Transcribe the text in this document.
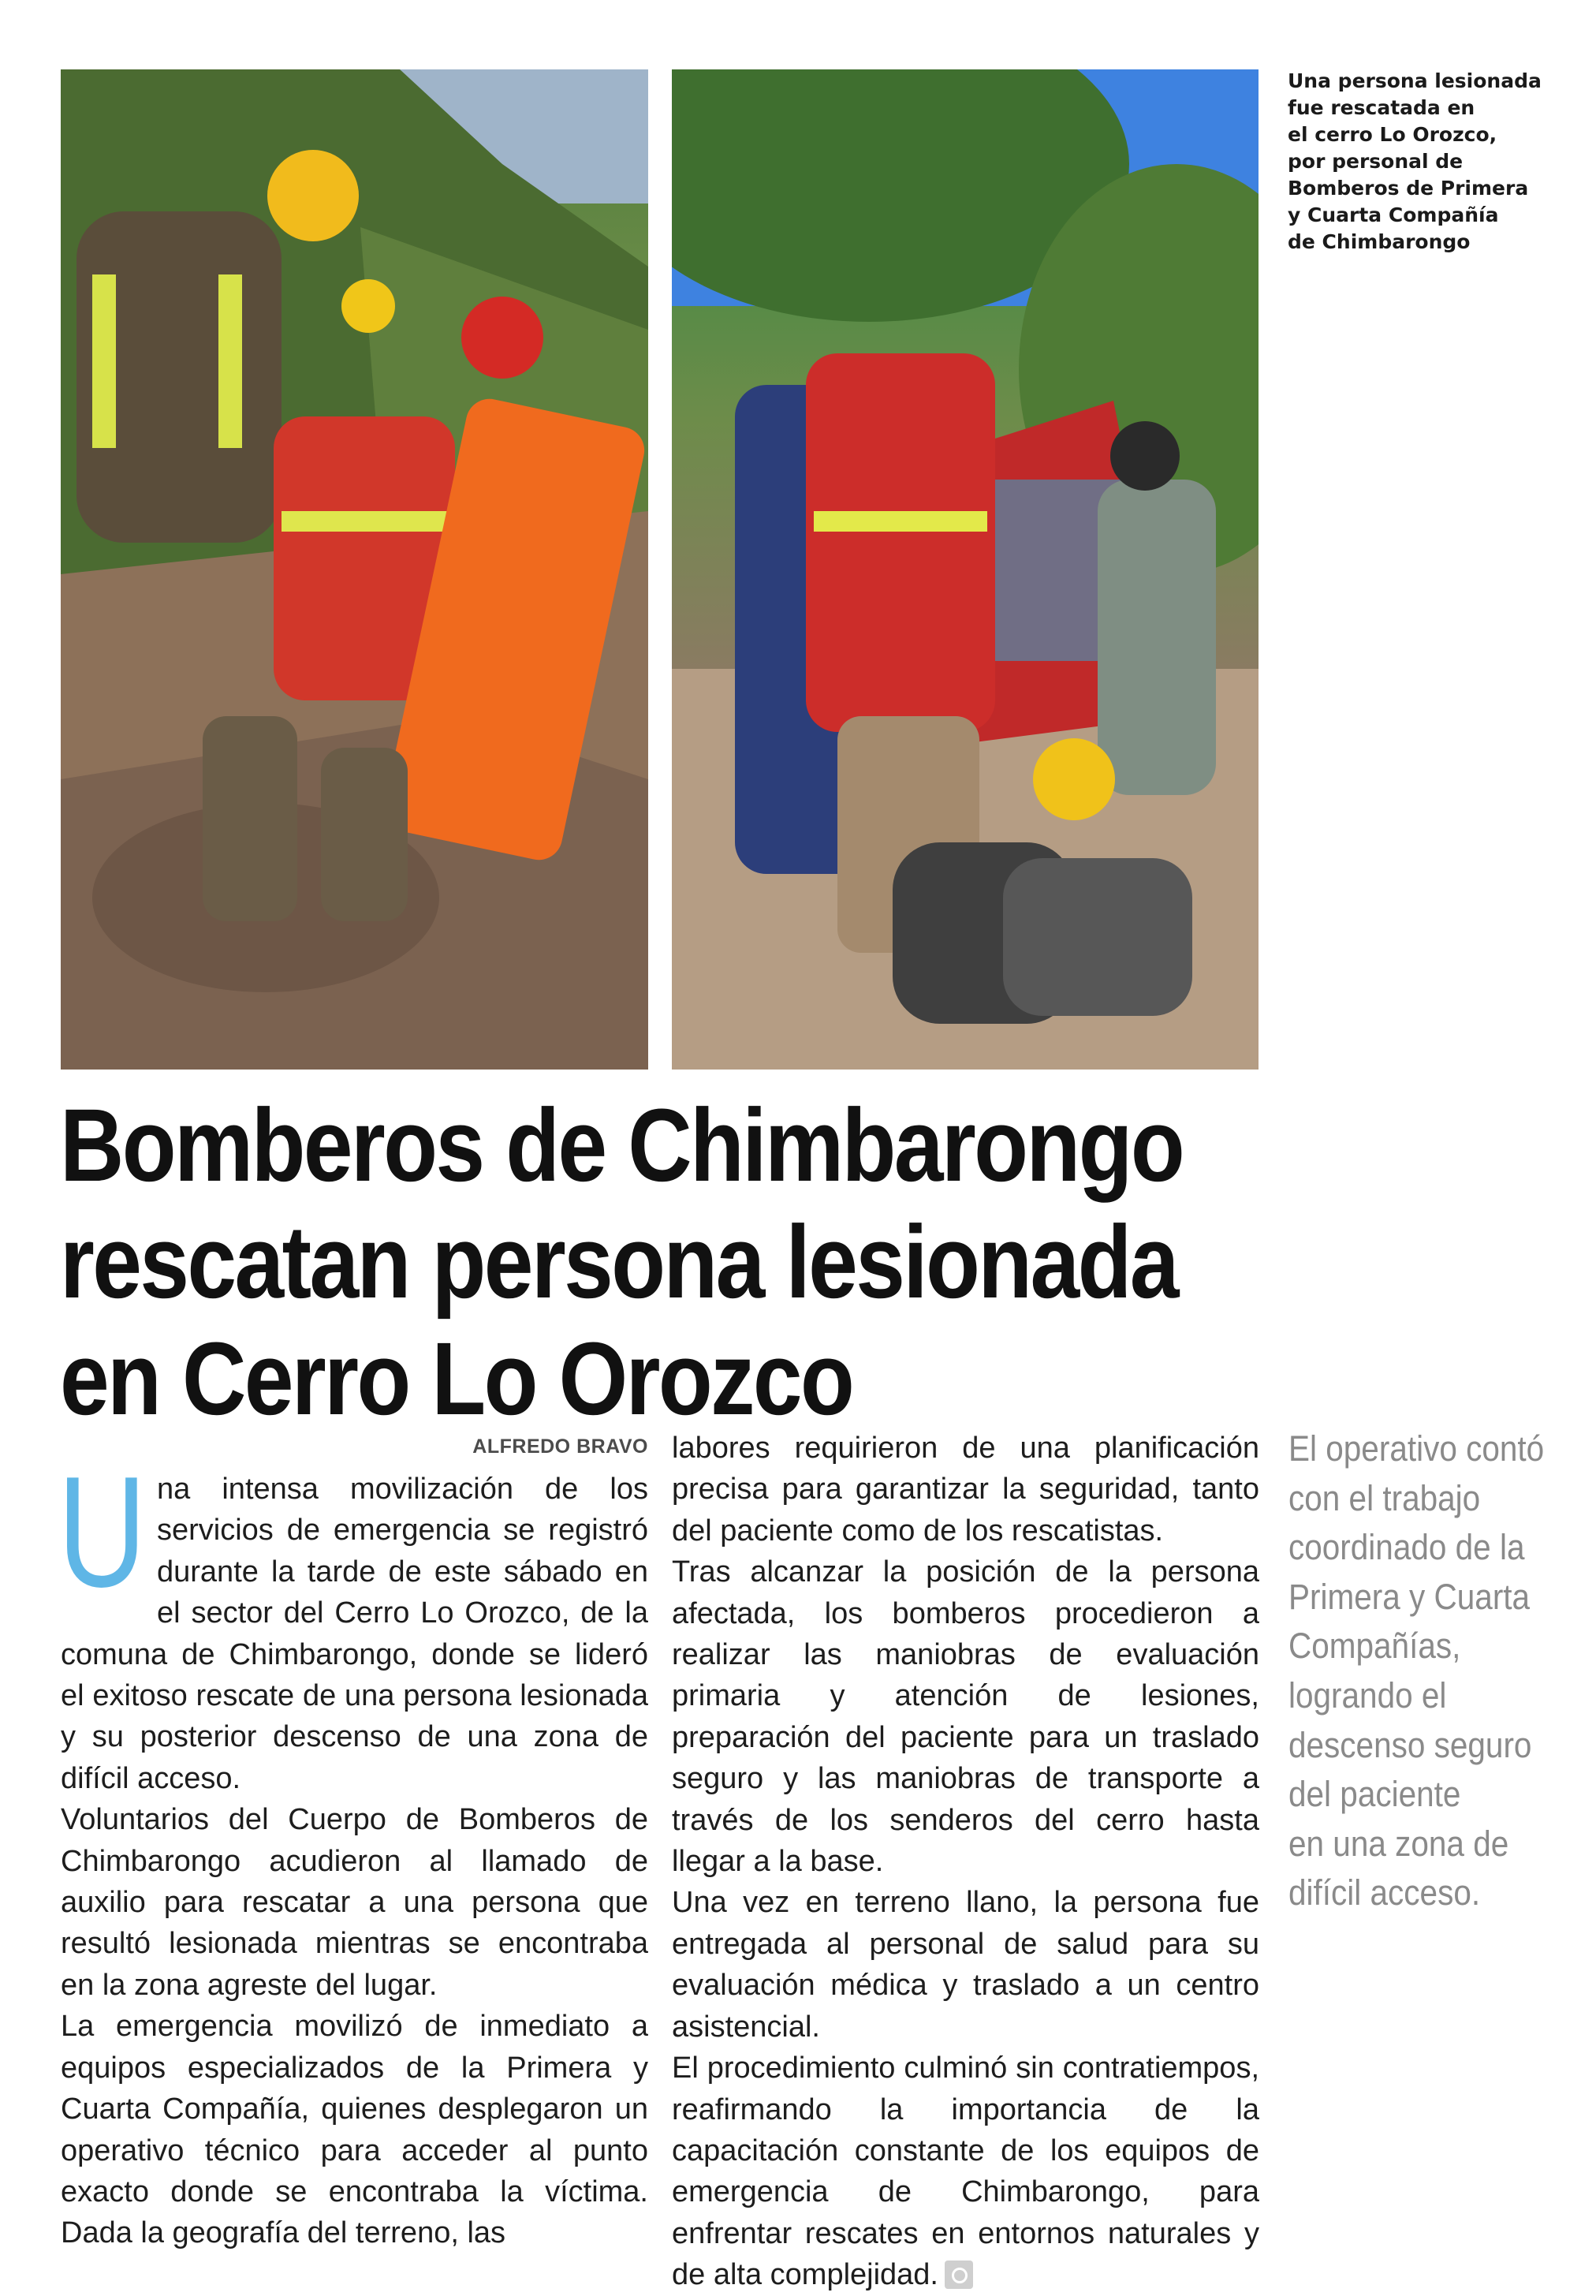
Una persona lesionada
fue rescatada en
el cerro Lo Orozco,
por personal de
Bomberos de Primera
y Cuarta Compañía
de Chimbarongo
Bomberos de Chimbarongo
rescatan persona lesionada
en Cerro Lo Orozco
ALFREDO BRAVO

Una intensa movilización de los servicios de emergencia se registró durante la tarde de este sábado en el sector del Cerro Lo Orozco, de la comuna de Chimbarongo, donde se lideró el exitoso rescate de una persona lesionada y su posterior descenso de una zona de difícil acceso.

Voluntarios del Cuerpo de Bomberos de Chimbarongo acudieron al llamado de auxilio para rescatar a una persona que resultó lesionada mientras se encontraba en la zona agreste del lugar.

La emergencia movilizó de inmediato a equipos especializados de la Primera y Cuarta Compañía, quienes desplegaron un operativo técnico para acceder al punto exacto donde se encontraba la víctima. Dada la geografía del terreno, las

labores requirieron de una planificación precisa para garantizar la seguridad, tanto del paciente como de los rescatistas.

Tras alcanzar la posición de la persona afectada, los bomberos procedieron a realizar las maniobras de evaluación primaria y atención de lesiones, preparación del paciente para un traslado seguro y las maniobras de transporte a través de los senderos del cerro hasta llegar a la base.

Una vez en terreno llano, la persona fue entregada al personal de salud para su evaluación médica y traslado a un centro asistencial.

El procedimiento culminó sin contratiempos, reafirmando la importancia de la capacitación constante de los equipos de emergencia de Chimbarongo, para enfrentar rescates en entornos naturales y de alta complejidad.

El operativo contó
con el trabajo
coordinado de la
Primera y Cuarta
Compañías,
logrando el
descenso seguro
del paciente
en una zona de
difícil acceso.
